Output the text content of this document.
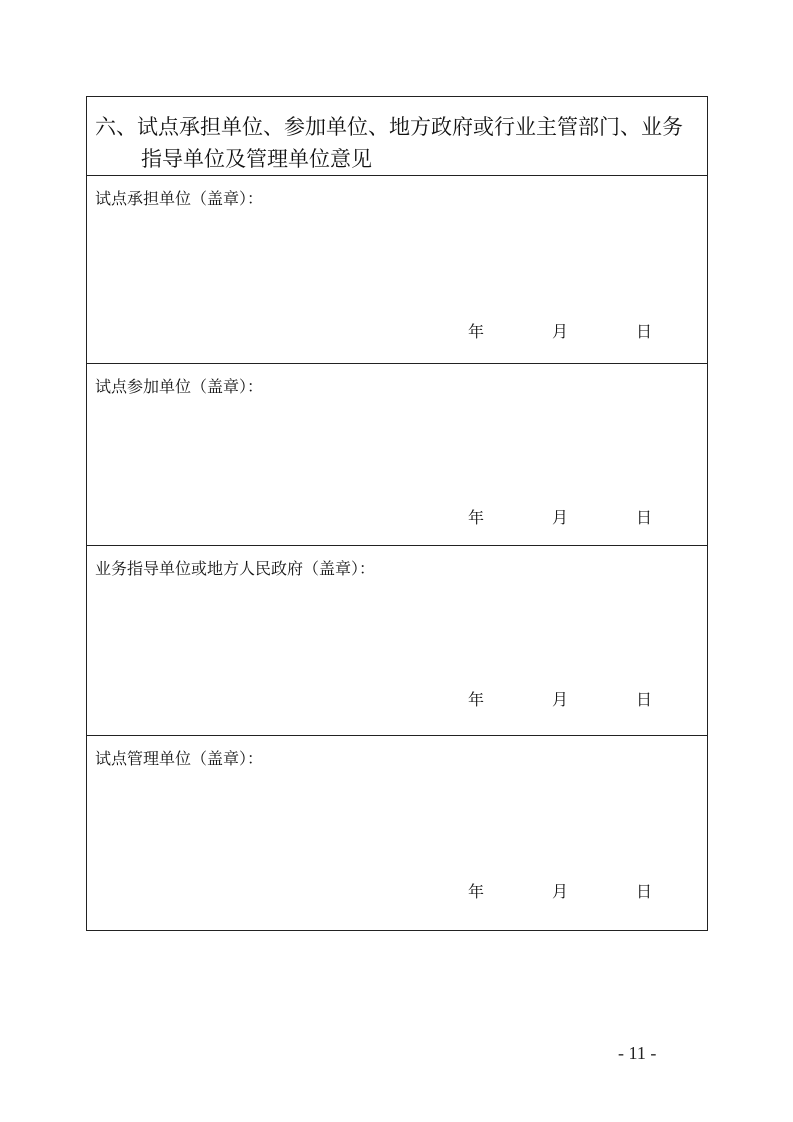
六、试点承担单位、参加单位、地方政府或行业主管部门、业务
指导单位及管理单位意见
试点承担单位（盖章）：
年	月	日
试点参加单位（盖章）：
年	月	日
业务指导单位或地方人民政府（盖章）：
年	月	日
试点管理单位（盖章）：
年	月	日
- 11 -
